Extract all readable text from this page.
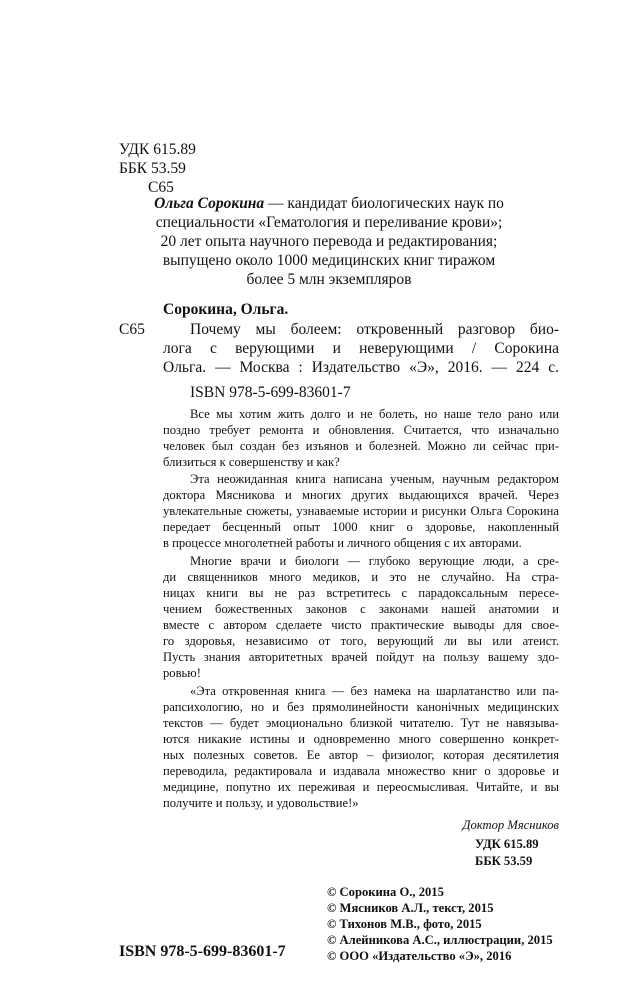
УДК 615.89
ББК 53.59
С65
Ольга Сорокина — кандидат биологических наук по
специальности «Гематология и переливание крови»;
20 лет опыта научного перевода и редактирования;
выпущено около 1000 медицинских книг тиражом
более 5 млн экземпляров
Сорокина, Ольга.
С65	Почему мы болеем: откровенный разговор био-
лога с верующими и неверующими / Сорокина
Ольга. — Москва : Издательство «Э», 2016. — 224 с.
ISBN 978-5-699-83601-7
Все мы хотим жить долго и не болеть, но наше тело рано или
поздно требует ремонта и обновления. Считается, что изначально
человек был создан без изъянов и болезней. Можно ли сейчас при-
близиться к совершенству и как?
Эта неожиданная книга написана ученым, научным редактором
доктора Мясникова и многих других выдающихся врачей. Через
увлекательные сюжеты, узнаваемые истории и рисунки Ольга Сорокина
передает бесценный опыт 1000 книг о здоровье, накопленный
в процессе многолетней работы и личного общения с их авторами.
Многие врачи и биологи — глубоко верующие люди, а сре-
ди священников много медиков, и это не случайно. На стра-
ницах книги вы не раз встретитесь с парадоксальным пересе-
чением божественных законов с законами нашей анатомии и
вместе с автором сделаете чисто практические выводы для свое-
го здоровья, независимо от того, верующий ли вы или атеист.
Пусть знания авторитетных врачей пойдут на пользу вашему здо-
ровью!
«Эта откровенная книга — без намека на шарлатанство или па-
рапсихологию, но и без прямолинейности канонічных медицинских
текстов — будет эмоционально близкой читателю. Тут не навязыва-
ются никакие истины и одновременно много совершенно конкрет-
ных полезных советов. Ее автор – физиолог, которая десятилетия
переводила, редактировала и издавала множество книг о здоровье и
медицине, попутно их переживая и переосмысливая. Читайте, и вы
получите и пользу, и удовольствие!»
Доктор Мясников
УДК 615.89
ББК 53.59
© Сорокина О., 2015
© Мясников А.Л., текст, 2015
© Тихонов М.В., фото, 2015
© Алейникова А.С., иллюстрации, 2015
© ООО «Издательство «Э», 2016
ISBN 978-5-699-83601-7
